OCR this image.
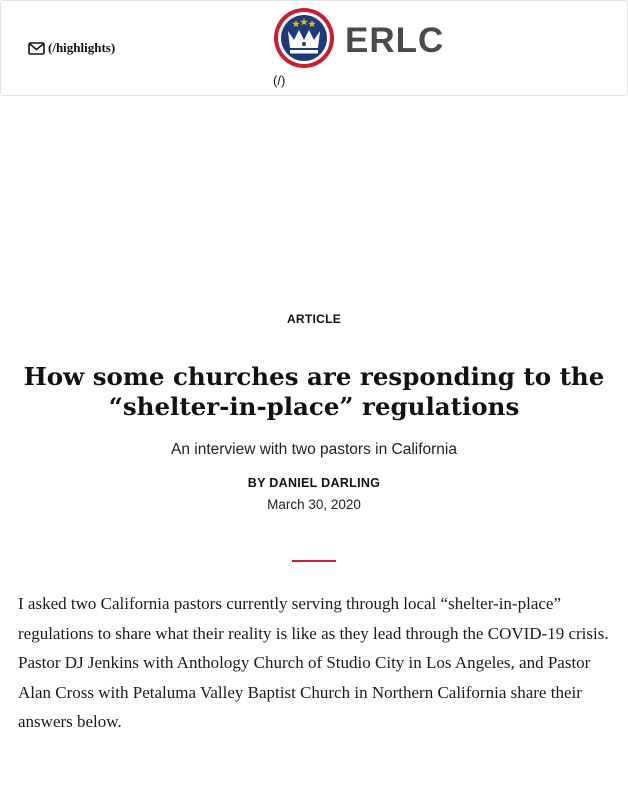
(/highlights)	ERLC
(/)
ARTICLE
How some churches are responding to the “shelter-in-place” regulations
An interview with two pastors in California
BY DANIEL DARLING
March 30, 2020

I asked two California pastors currently serving through local “shelter-in-place” regulations to share what their reality is like as they lead through the COVID-19 crisis. Pastor DJ Jenkins with Anthology Church of Studio City in Los Angeles, and Pastor Alan Cross with Petaluma Valley Baptist Church in Northern California share their answers below.
